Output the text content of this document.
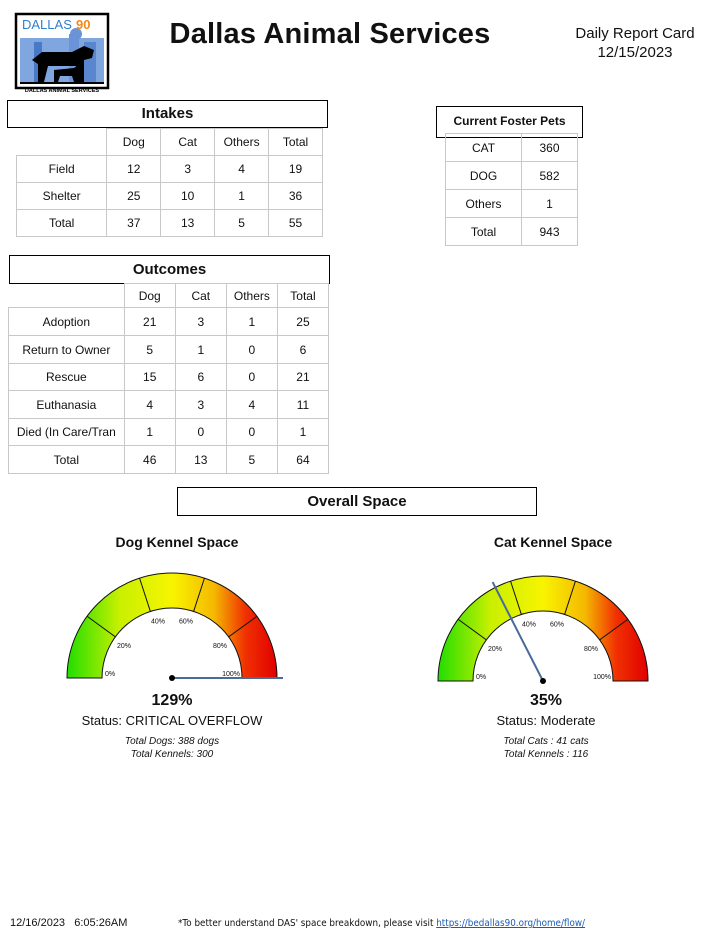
DALLAS 90
DALLAS ANIMAL SERVICES
Dallas Animal Services	Daily Report Card
12/15/2023
Intakes
	Dog	Cat	Others	Total
Field	12	3	4	19
Shelter	25	10	1	36
Total	37	13	5	55
Current Foster Pets
CAT	360
DOG	582
Others	1
Total	943
Outcomes
	Dog	Cat	Others	Total
Adoption	21	3	1	25
Return to Owner	5	1	0	6
Rescue	15	6	0	21
Euthanasia	4	3	4	11
Died (In Care/Tran	1	0	0	1
Total	46	13	5	64
Overall Space
Dog Kennel Space
0%
20%
40% 60%
80%
100%
129%
Status: CRITICAL OVERFLOW
Total Dogs: 388 dogs
Total Kennels: 300
Cat Kennel Space
0%
20%
40% 60%
80%
100%
35%
Status: Moderate
Total Cats : 41 cats
Total Kennels : 116
12/16/2023   6:05:26AM	*To better understand DAS' space breakdown, please visit https://bedallas90.org/home/flow/
